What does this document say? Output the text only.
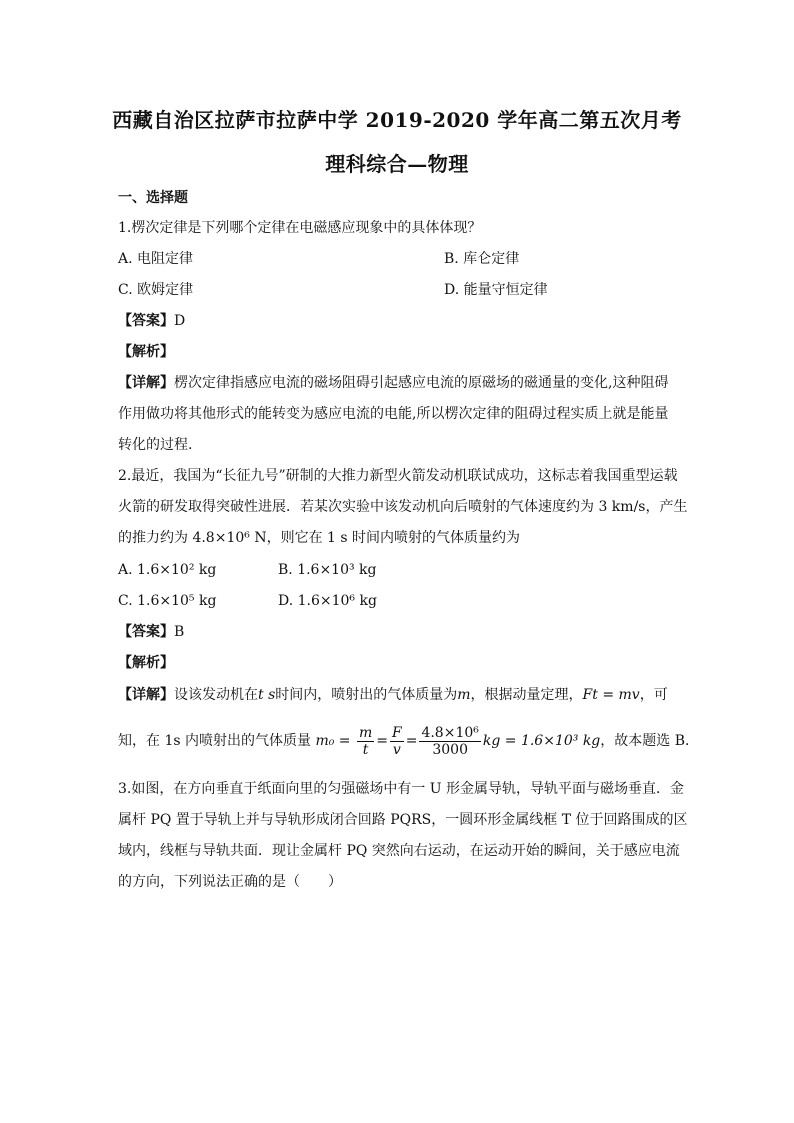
西藏自治区拉萨市拉萨中学 2019-2020 学年高二第五次月考
理科综合—物理
一、选择题
1.楞次定律是下列哪个定律在电磁感应现象中的具体体现？
A. 电阻定律	B. 库仑定律
C. 欧姆定律	D. 能量守恒定律
【答案】D
【解析】
【详解】楞次定律指感应电流的磁场阻碍引起感应电流的原磁场的磁通量的变化,这种阻碍
作用做功将其他形式的能转变为感应电流的电能,所以楞次定律的阻碍过程实质上就是能量
转化的过程.
2.最近，我国为“长征九号”研制的大推力新型火箭发动机联试成功，这标志着我国重型运载
火箭的研发取得突破性进展．若某次实验中该发动机向后喷射的气体速度约为 3 km/s，产生
的推力约为 4.8×10⁶ N，则它在 1 s 时间内喷射的气体质量约为
A. 1.6×10² kg	B. 1.6×10³ kg
C. 1.6×10⁵ kg	D. 1.6×10⁶ kg
【答案】B
【解析】
【详解】设该发动机在t s时间内，喷射出的气体质量为m，根据动量定理，Ft = mv，可
知，在 1s 内喷射出的气体质量 $m_0 = \frac{m}{t} = \frac{F}{v} = \frac{\text{4.8×10⁶}}{3000}$ kg = 1.6×10³ kg，故本题选 B．
3.如图，在方向垂直于纸面向里的匀强磁场中有一 U 形金属导轨，导轨平面与磁场垂直．金
属杆 PQ 置于导轨上并与导轨形成闭合回路 PQRS，一圆环形金属线框 T 位于回路围成的区
域内，线框与导轨共面．现让金属杆 PQ 突然向右运动，在运动开始的瞬间，关于感应电流
的方向，下列说法正确的是（　　）
